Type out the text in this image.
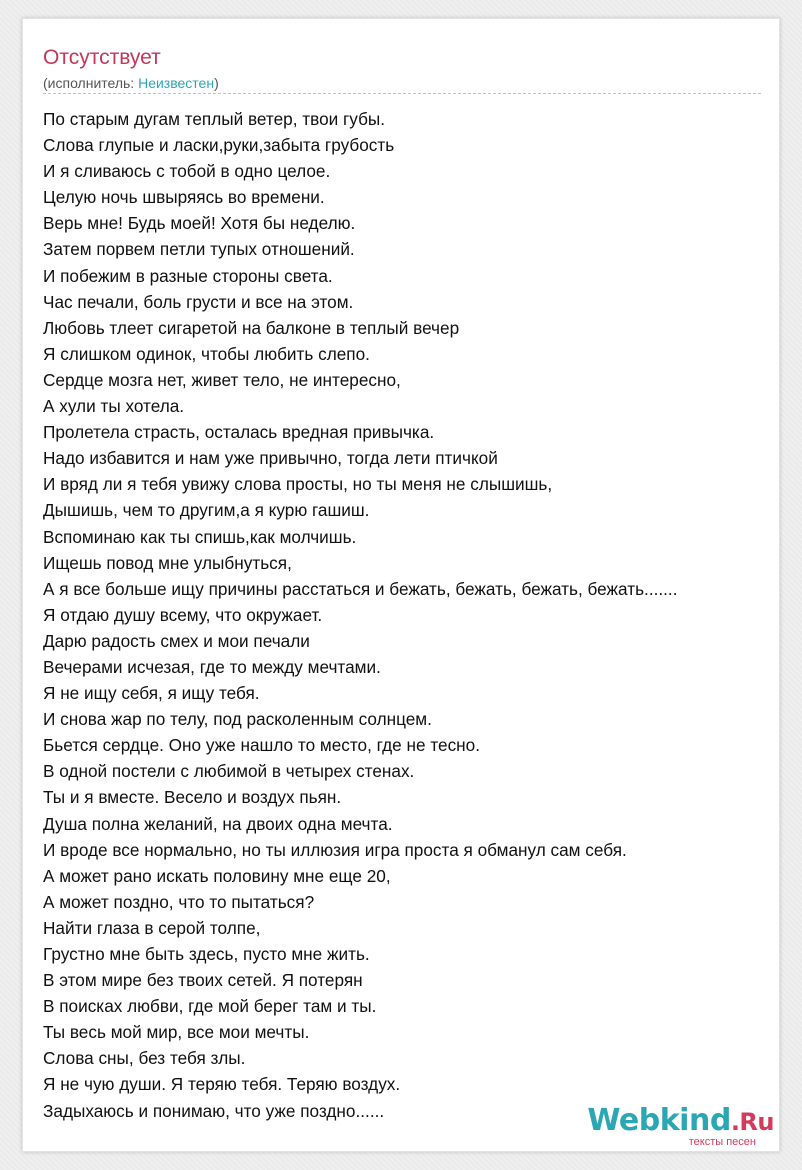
Отсутствует
(исполнитель: Неизвестен)
По старым дугам теплый ветер, твои губы.
Слова глупые и ласки,руки,забыта грубость
И я сливаюсь с тобой в одно целое.
Целую ночь швыряясь во времени.
Верь мне! Будь моей! Хотя бы неделю.
Затем порвем петли тупых отношений.
И побежим в разные стороны света.
Час печали, боль грусти и все на этом.
Любовь тлеет сигаретой на балконе в теплый вечер
Я слишком одинок, чтобы любить слепо.
Сердце мозга нет, живет тело, не интересно,
А хули ты хотела.
Пролетела страсть, осталась вредная привычка.
Надо избавится и нам уже привычно, тогда лети птичкой
И вряд ли я тебя увижу слова просты, но ты меня не слышишь,
Дышишь, чем то другим,а я курю гашиш.
Вспоминаю как ты спишь,как молчишь.
Ищешь повод мне улыбнуться,
А я все больше ищу причины расстаться и бежать, бежать, бежать, бежать.......
Я отдаю душу всему, что окружает.
Дарю радость смех и мои печали
Вечерами исчезая, где то между мечтами.
Я не ищу себя, я ищу тебя.
И снова жар по телу, под расколенным солнцем.
Бьется сердце. Оно уже нашло то место, где не тесно.
В одной постели с любимой в четырех стенах.
Ты и я вместе. Весело и воздух пьян.
Душа полна желаний, на двоих одна мечта.
И вроде все нормально, но ты иллюзия игра проста я обманул сам себя.
А может рано искать половину мне еще 20,
А может поздно, что то пытаться?
Найти глаза в серой толпе,
Грустно мне быть здесь, пусто мне жить.
В этом мире без твоих сетей. Я потерян
В поисках любви, где мой берег там и ты.
Ты весь мой мир, все мои мечты.
Слова сны, без тебя злы.
Я не чую души. Я теряю тебя. Теряю воздух.
Задыхаюсь и понимаю, что уже поздно......	Webkind.Ru
тексты песен
